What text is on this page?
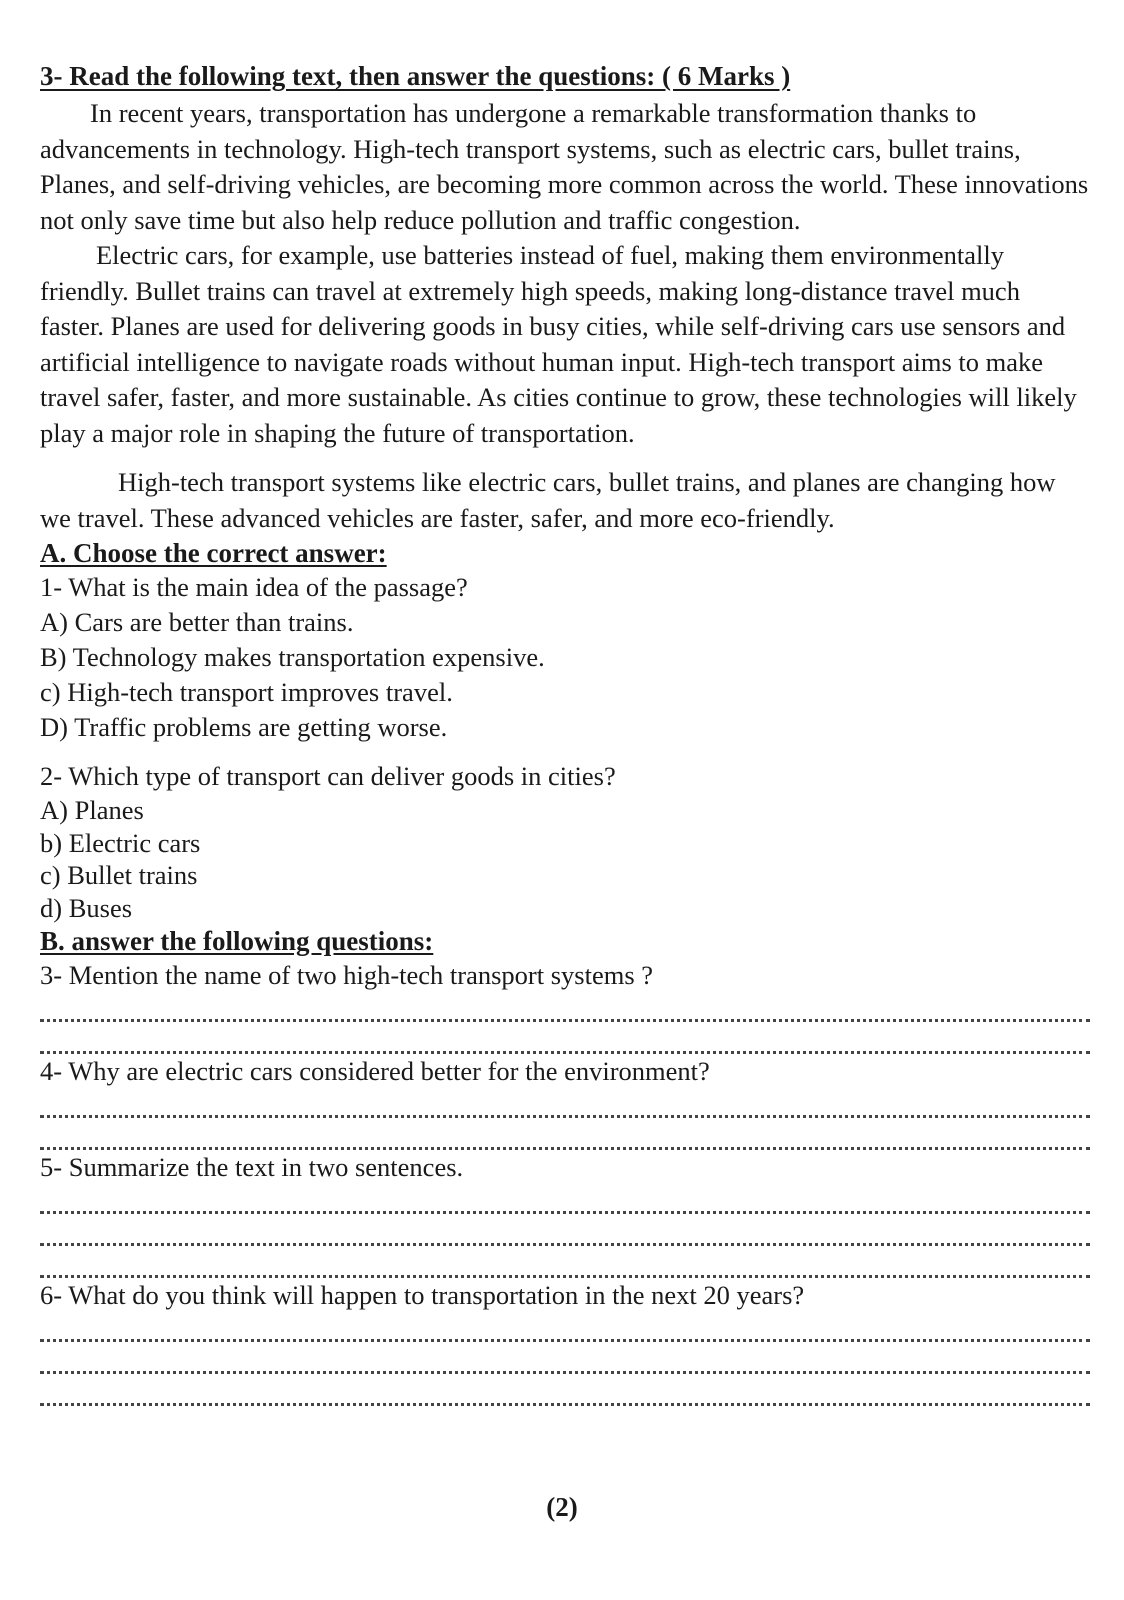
3- Read the following text, then answer the questions: ( 6 Marks )

In recent years, transportation has undergone a remarkable transformation thanks to advancements in technology. High-tech transport systems, such as electric cars, bullet trains, Planes, and self-driving vehicles, are becoming more common across the world. These innovations not only save time but also help reduce pollution and traffic congestion.

Electric cars, for example, use batteries instead of fuel, making them environmentally friendly. Bullet trains can travel at extremely high speeds, making long-distance travel much faster. Planes are used for delivering goods in busy cities, while self-driving cars use sensors and artificial intelligence to navigate roads without human input. High-tech transport aims to make travel safer, faster, and more sustainable. As cities continue to grow, these technologies will likely play a major role in shaping the future of transportation.

High-tech transport systems like electric cars, bullet trains, and planes are changing how we travel. These advanced vehicles are faster, safer, and more eco-friendly.

A. Choose the correct answer:

1- What is the main idea of the passage?

A) Cars are better than trains.

B) Technology makes transportation expensive.

c) High-tech transport improves travel.

D) Traffic problems are getting worse.

2- Which type of transport can deliver goods in cities?

A) Planes

b) Electric cars

c) Bullet trains

d) Buses

B. answer the following questions:

3- Mention the name of two high-tech transport systems ?

4- Why are electric cars considered better for the environment?

5- Summarize the text in two sentences.

6- What do you think will happen to transportation in the next 20 years?

(2)
